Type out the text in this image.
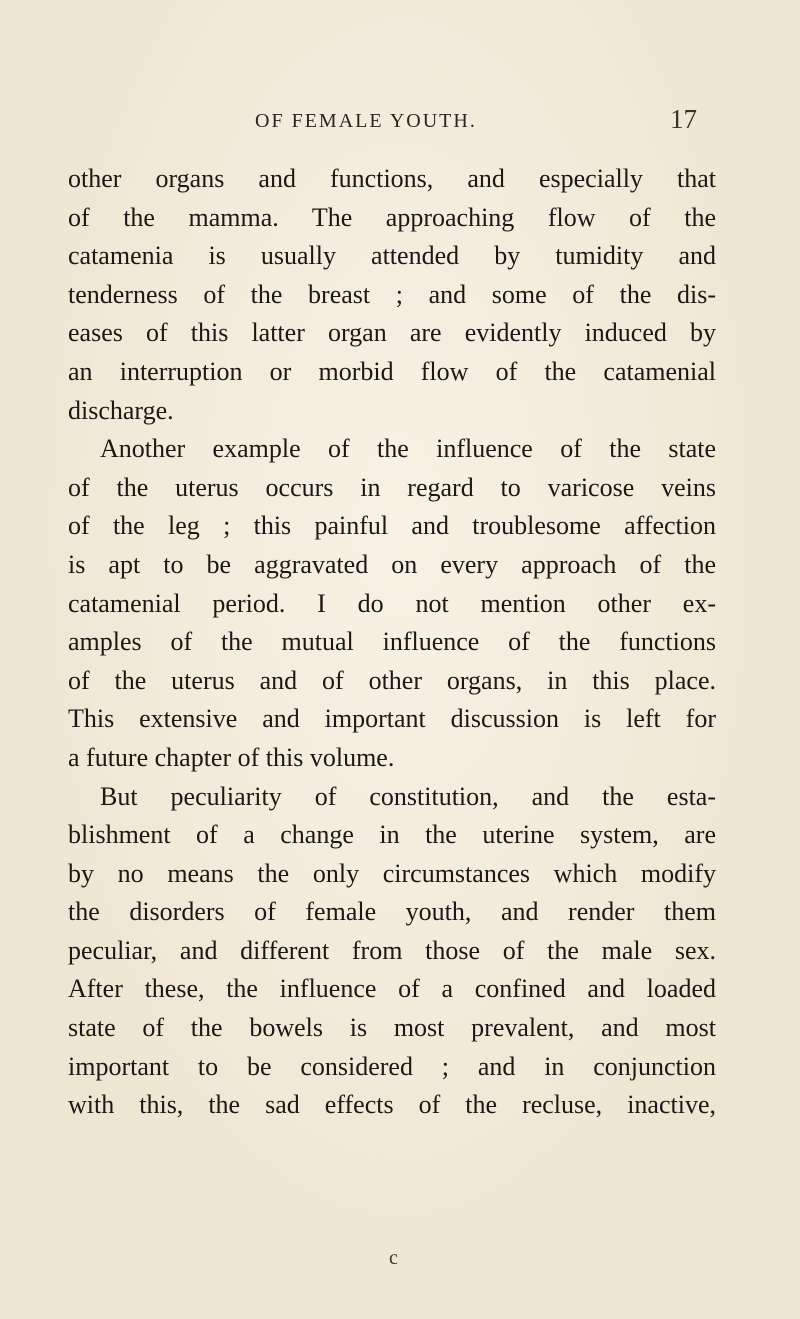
OF FEMALE YOUTH.	17
other organs and functions, and especially that
of the mamma. The approaching flow of the
catamenia is usually attended by tumidity and
tenderness of the breast ; and some of the dis-
eases of this latter organ are evidently induced by
an interruption or morbid flow of the catamenial
discharge.
Another example of the influence of the state
of the uterus occurs in regard to varicose veins
of the leg ; this painful and troublesome affection
is apt to be aggravated on every approach of the
catamenial period. I do not mention other ex-
amples of the mutual influence of the functions
of the uterus and of other organs, in this place.
This extensive and important discussion is left for
a future chapter of this volume.
But peculiarity of constitution, and the esta-
blishment of a change in the uterine system, are
by no means the only circumstances which modify
the disorders of female youth, and render them
peculiar, and different from those of the male sex.
After these, the influence of a confined and loaded
state of the bowels is most prevalent, and most
important to be considered ; and in conjunction
with this, the sad effects of the recluse, inactive,
c
